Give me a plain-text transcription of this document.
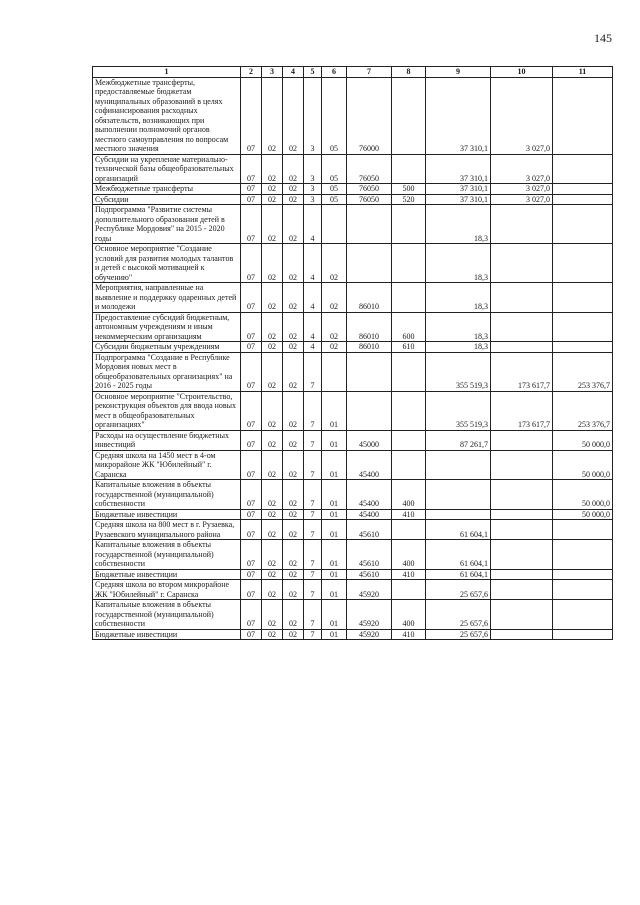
145
1	2	3	4	5	6	7	8	9	10	11
Межбюджетные трансферты, предоставляемые бюджетам муниципальных образований в целях софинансирования расходных обязательств, возникающих при выполнении полномочий органов местного самоуправления по вопросам местного значения	07	02	02	3	05	76000		37 310,1	3 027,0	
Субсидии на укрепление материально-технической базы общеобразовательных организаций	07	02	02	3	05	76050		37 310,1	3 027,0	
Межбюджетные трансферты	07	02	02	3	05	76050	500	37 310,1	3 027,0	
Субсидии	07	02	02	3	05	76050	520	37 310,1	3 027,0	
Подпрограмма "Развитие системы дополнительного образования детей в Республике Мордовия" на 2015 - 2020 годы	07	02	02	4				18,3		
Основное мероприятие "Создание условий для развития молодых талантов и детей с высокой мотивацией к обучению"	07	02	02	4	02			18,3		
Мероприятия, направленные на выявление и поддержку одаренных детей и молодежи	07	02	02	4	02	86010		18,3		
Предоставление субсидий бюджетным, автономным учреждениям и иным некоммерческим организациям	07	02	02	4	02	86010	600	18,3		
Субсидии бюджетным учреждениям	07	02	02	4	02	86010	610	18,3		
Подпрограмма "Создание в Республике Мордовия новых мест в общеобразовательных организациях" на 2016 - 2025 годы	07	02	02	7				355 519,3	173 617,7	253 376,7
Основное мероприятие "Строительство, реконструкция объектов для ввода новых мест в общеобразовательных организациях"	07	02	02	7	01			355 519,3	173 617,7	253 376,7
Расходы на осуществление бюджетных инвестиций	07	02	02	7	01	45000		87 261,7		50 000,0
Средняя школа на 1450 мест в 4-ом микрорайоне ЖК "Юбилейный" г. Саранска	07	02	02	7	01	45400				50 000,0
Капитальные вложения в объекты государственной (муниципальной) собственности	07	02	02	7	01	45400	400			50 000,0
Бюджетные инвестиции	07	02	02	7	01	45400	410			50 000,0
Средняя школа на 800 мест в г. Рузаевка, Рузаевского муниципального района	07	02	02	7	01	45610		61 604,1		
Капитальные вложения в объекты государственной (муниципальной) собственности	07	02	02	7	01	45610	400	61 604,1		
Бюджетные инвестиции	07	02	02	7	01	45610	410	61 604,1		
Средняя школа во втором микрорайоне ЖК "Юбилейный" г. Саранска	07	02	02	7	01	45920		25 657,6		
Капитальные вложения в объекты государственной (муниципальной) собственности	07	02	02	7	01	45920	400	25 657,6		
Бюджетные инвестиции	07	02	02	7	01	45920	410	25 657,6		
